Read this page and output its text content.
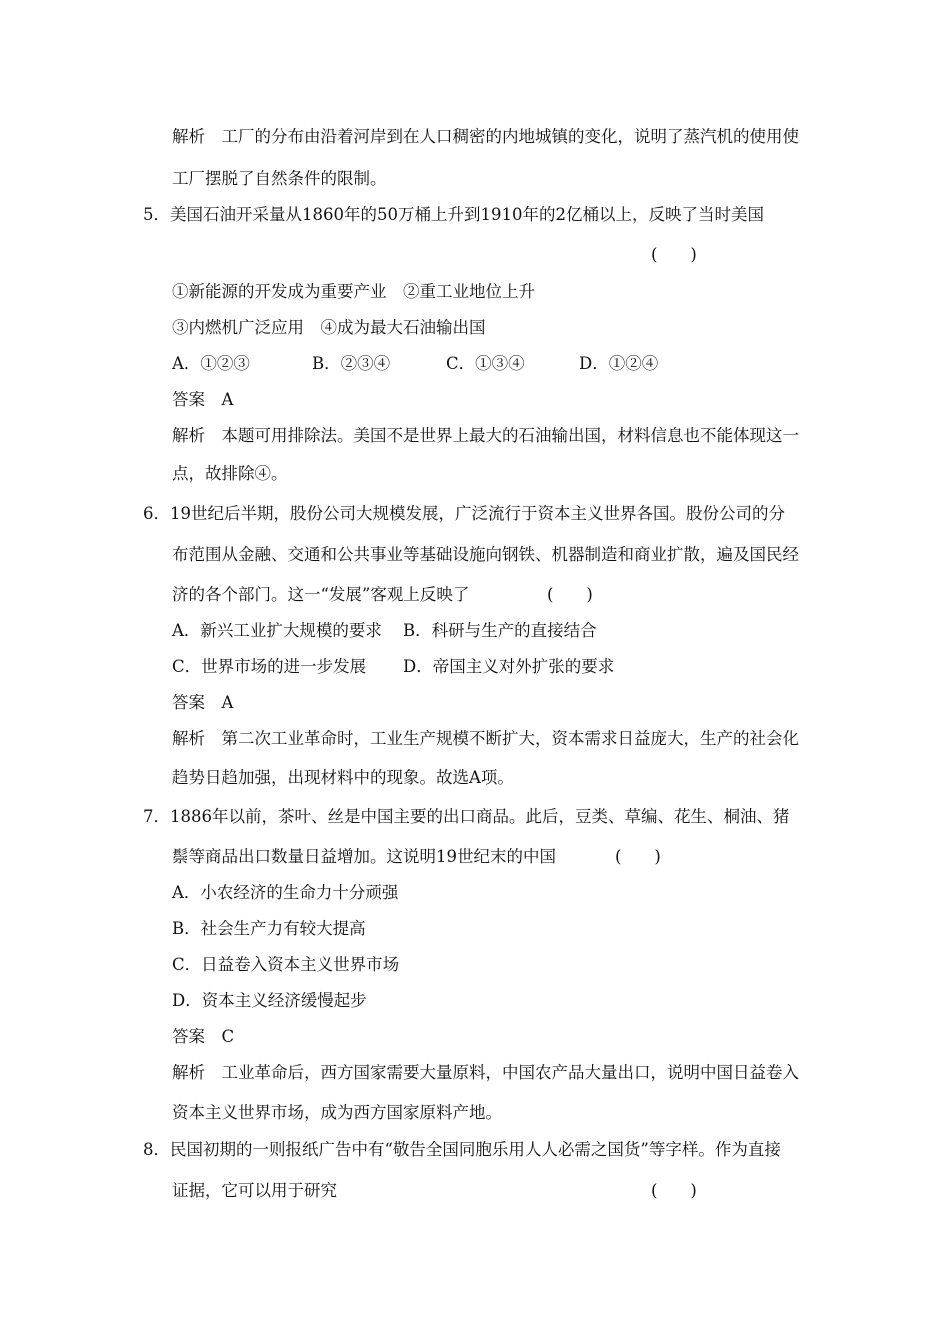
解析　工厂的分布由沿着河岸到在人口稠密的内地城镇的变化，说明了蒸汽机的使用使
工厂摆脱了自然条件的限制。
5．美国石油开采量从1860年的50万桶上升到1910年的2亿桶以上，反映了当时美国
(　　)
①新能源的开发成为重要产业　②重工业地位上升
③内燃机广泛应用　④成为最大石油输出国
A．①②③	B．②③④	C．①③④	D．①②④
答案　A
解析　本题可用排除法。美国不是世界上最大的石油输出国，材料信息也不能体现这一
点，故排除④。
6．19世纪后半期，股份公司大规模发展，广泛流行于资本主义世界各国。股份公司的分
布范围从金融、交通和公共事业等基础设施向钢铁、机器制造和商业扩散，遍及国民经
济的各个部门。这一“发展”客观上反映了	(　　)
A．新兴工业扩大规模的要求 B．科研与生产的直接结合
C．世界市场的进一步发展 D．帝国主义对外扩张的要求
答案　A
解析　第二次工业革命时，工业生产规模不断扩大，资本需求日益庞大，生产的社会化
趋势日趋加强，出现材料中的现象。故选A项。
7．1886年以前，茶叶、丝是中国主要的出口商品。此后，豆类、草编、花生、桐油、猪
鬃等商品出口数量日益增加。这说明19世纪末的中国	(　　)
A．小农经济的生命力十分顽强
B．社会生产力有较大提高
C．日益卷入资本主义世界市场
D．资本主义经济缓慢起步
答案　C
解析　工业革命后，西方国家需要大量原料，中国农产品大量出口，说明中国日益卷入
资本主义世界市场，成为西方国家原料产地。
8．民国初期的一则报纸广告中有“敬告全国同胞乐用人人必需之国货”等字样。作为直接
证据，它可以用于研究	(　　)
